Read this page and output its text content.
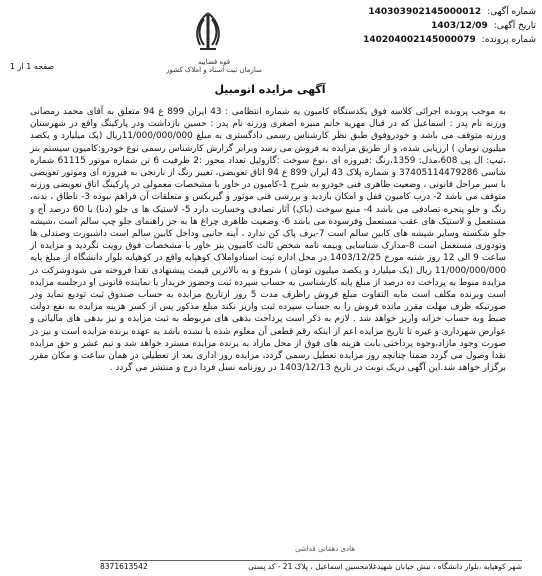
شماره آگهی:
140303902145000012
تاریخ آگهی:
1403/12/09
شماره پرونده:
140204002145000079
قوه قضاییه
سازمان ثبت اسناد و املاک کشور
صفحه 1 از 1
آگهی مزایده اتومبیل
به موجب پرونده اجرائی کلاسه فوق یکدستگاه کامیون به شماره انتظامی : 43 ایران 899 ع 94 متعلق به آقای محمد رمضانی ورزنه نام پدر : اسماعیل که در قبال مهریه خانم منیره اصغری ورزنه نام پدر : حسین بازداشت ودر پارکینگ واقع در شهرستان ورزنه متوقف می باشد و خودروفوق طبق نظر کارشناس رسمی دادگستری به مبلغ 11/000/000/000ریال (یک میلیارد و یکصد میلیون تومان ) ارزیابی شده، و از طریق مزایده به فروش می رسد وبرابر گزارش کارشناس رسمی نوع خودرو:کامیون سیستم بنز ،تیپ: ال پی 608،مدل: 1359،رنگ :فیروزه ای ،نوع سوخت :گازوئیل تعداد محور :2 ظرفیت 6 تن شماره موتور 61115 شماره شاسی 37405114479286 و شماره پلاک 43 ایران 899 ع 94 اتاق تعویضی، تغییر رنگ از نارنجی به فیروزه ای وموتور تعویضی با سیر مراحل قانونی ، وضعیت ظاهری فنی خودرو به شرح 1-کامیون در خاور با مشخصات معمولی در پارکینگ اتاق نعویضی ورزنه متوقف می باشد 2- درب کامیون قفل و امکان بازدید و بررسی فنی موتور و گیربکس و متعلقات آن فراهم نبوده 3- تاطاق ، بدنه، رنگ و جلو پنجره تصادفی می باشد 4- منبع سوخت (باک) آثار تصادف وخسارت دارد 5- لاستیک ها ی جلو (دنا) با 60 درصد آج و مستعمل و لاستیک های عقب مستعمل وفرسوده می باشد 6- وضعیت ظاهری چراغ ها به جز راهنمای جلو چپ سالم است ،شیشه جلو شکسته وسایر شیشه های کابین سالم است 7-برف پاک کن ندارد ، آینه جانبی وداخل کابین سالم است داشبورت وصندلی ها وتودوزی مستعمل است 8-مدارک شناسایی وبیمه نامه شخص ثالث کامیون بنز خاور با مشخصات فوق رویت نگردید و مزایده از ساعت 9 الی 12 روز شنبه مورخ 1403/12/25 در محل اداره ثبت اسنادواملاک کوهپایه واقع در کوهپایه بلوار دانشگاه از مبلغ پایه 11/000/000/000 ریال (یک میلیارد و یکصد میلیون تومان ) شروع و به بالاترین قیمت پیشنهادی نقدا فروخته می شودوشرکت در مزایده منوط به پرداخت ده درصد از مبلغ پایه کارشناسی به حساب سپرده ثبت وحضور خریدار یا نماینده قانونی او درجلسه مزایده است وبرنده مکلف است مابه التفاوت مبلغ فروش راظرف مدت 5 روز ازتاریخ مزایده به حساب صندوق ثبت تودیع نماید ودر صورتیکه ظرف مهلت مقرر مانده فروش را به حساب سپرده ثبت واریز نکند مبلغ مذکور پس از کسر هزینه مزایده به نفع دولت ضبط وبه حساب خزانه واریز خواهد شد . لازم به ذکر است پرداخت بدهی های مربوطه به ثبت مزایده و نیز بدهی های مالیاتی و عوارض شهرداری و غیره تا تاریخ مزایده اعم از اینکه رقم قطعی آن معلوم شده یا نشده باشد به عهده برنده مزایده است و نیز در صورت وجود مازاد،وجوه پرداختی بابت هزینه های فوق از محل مازاد به برنده مزایده مسترد خواهد شد و نیم عشر و حق مزایده نقدا وصول می گردد ضمنا چنانچه روز مزایده تعطیل رسمی گردد، مزایده روز اداری بعد از تعطیلی در همان ساعت و مکان مقرر برگزار خواهد شد.این آگهی دریک نوبت در تاریخ 1403/12/13 در روزنامه نسل فردا درج و منتشر می گردد .
هادی دهقانی قداشی
شهر کوهپایه ،بلوار دانشگاه ، نبش خیابان شهیدغلامحسین اسماعیل ، پلاک 21 - کد پستی
8371613542
